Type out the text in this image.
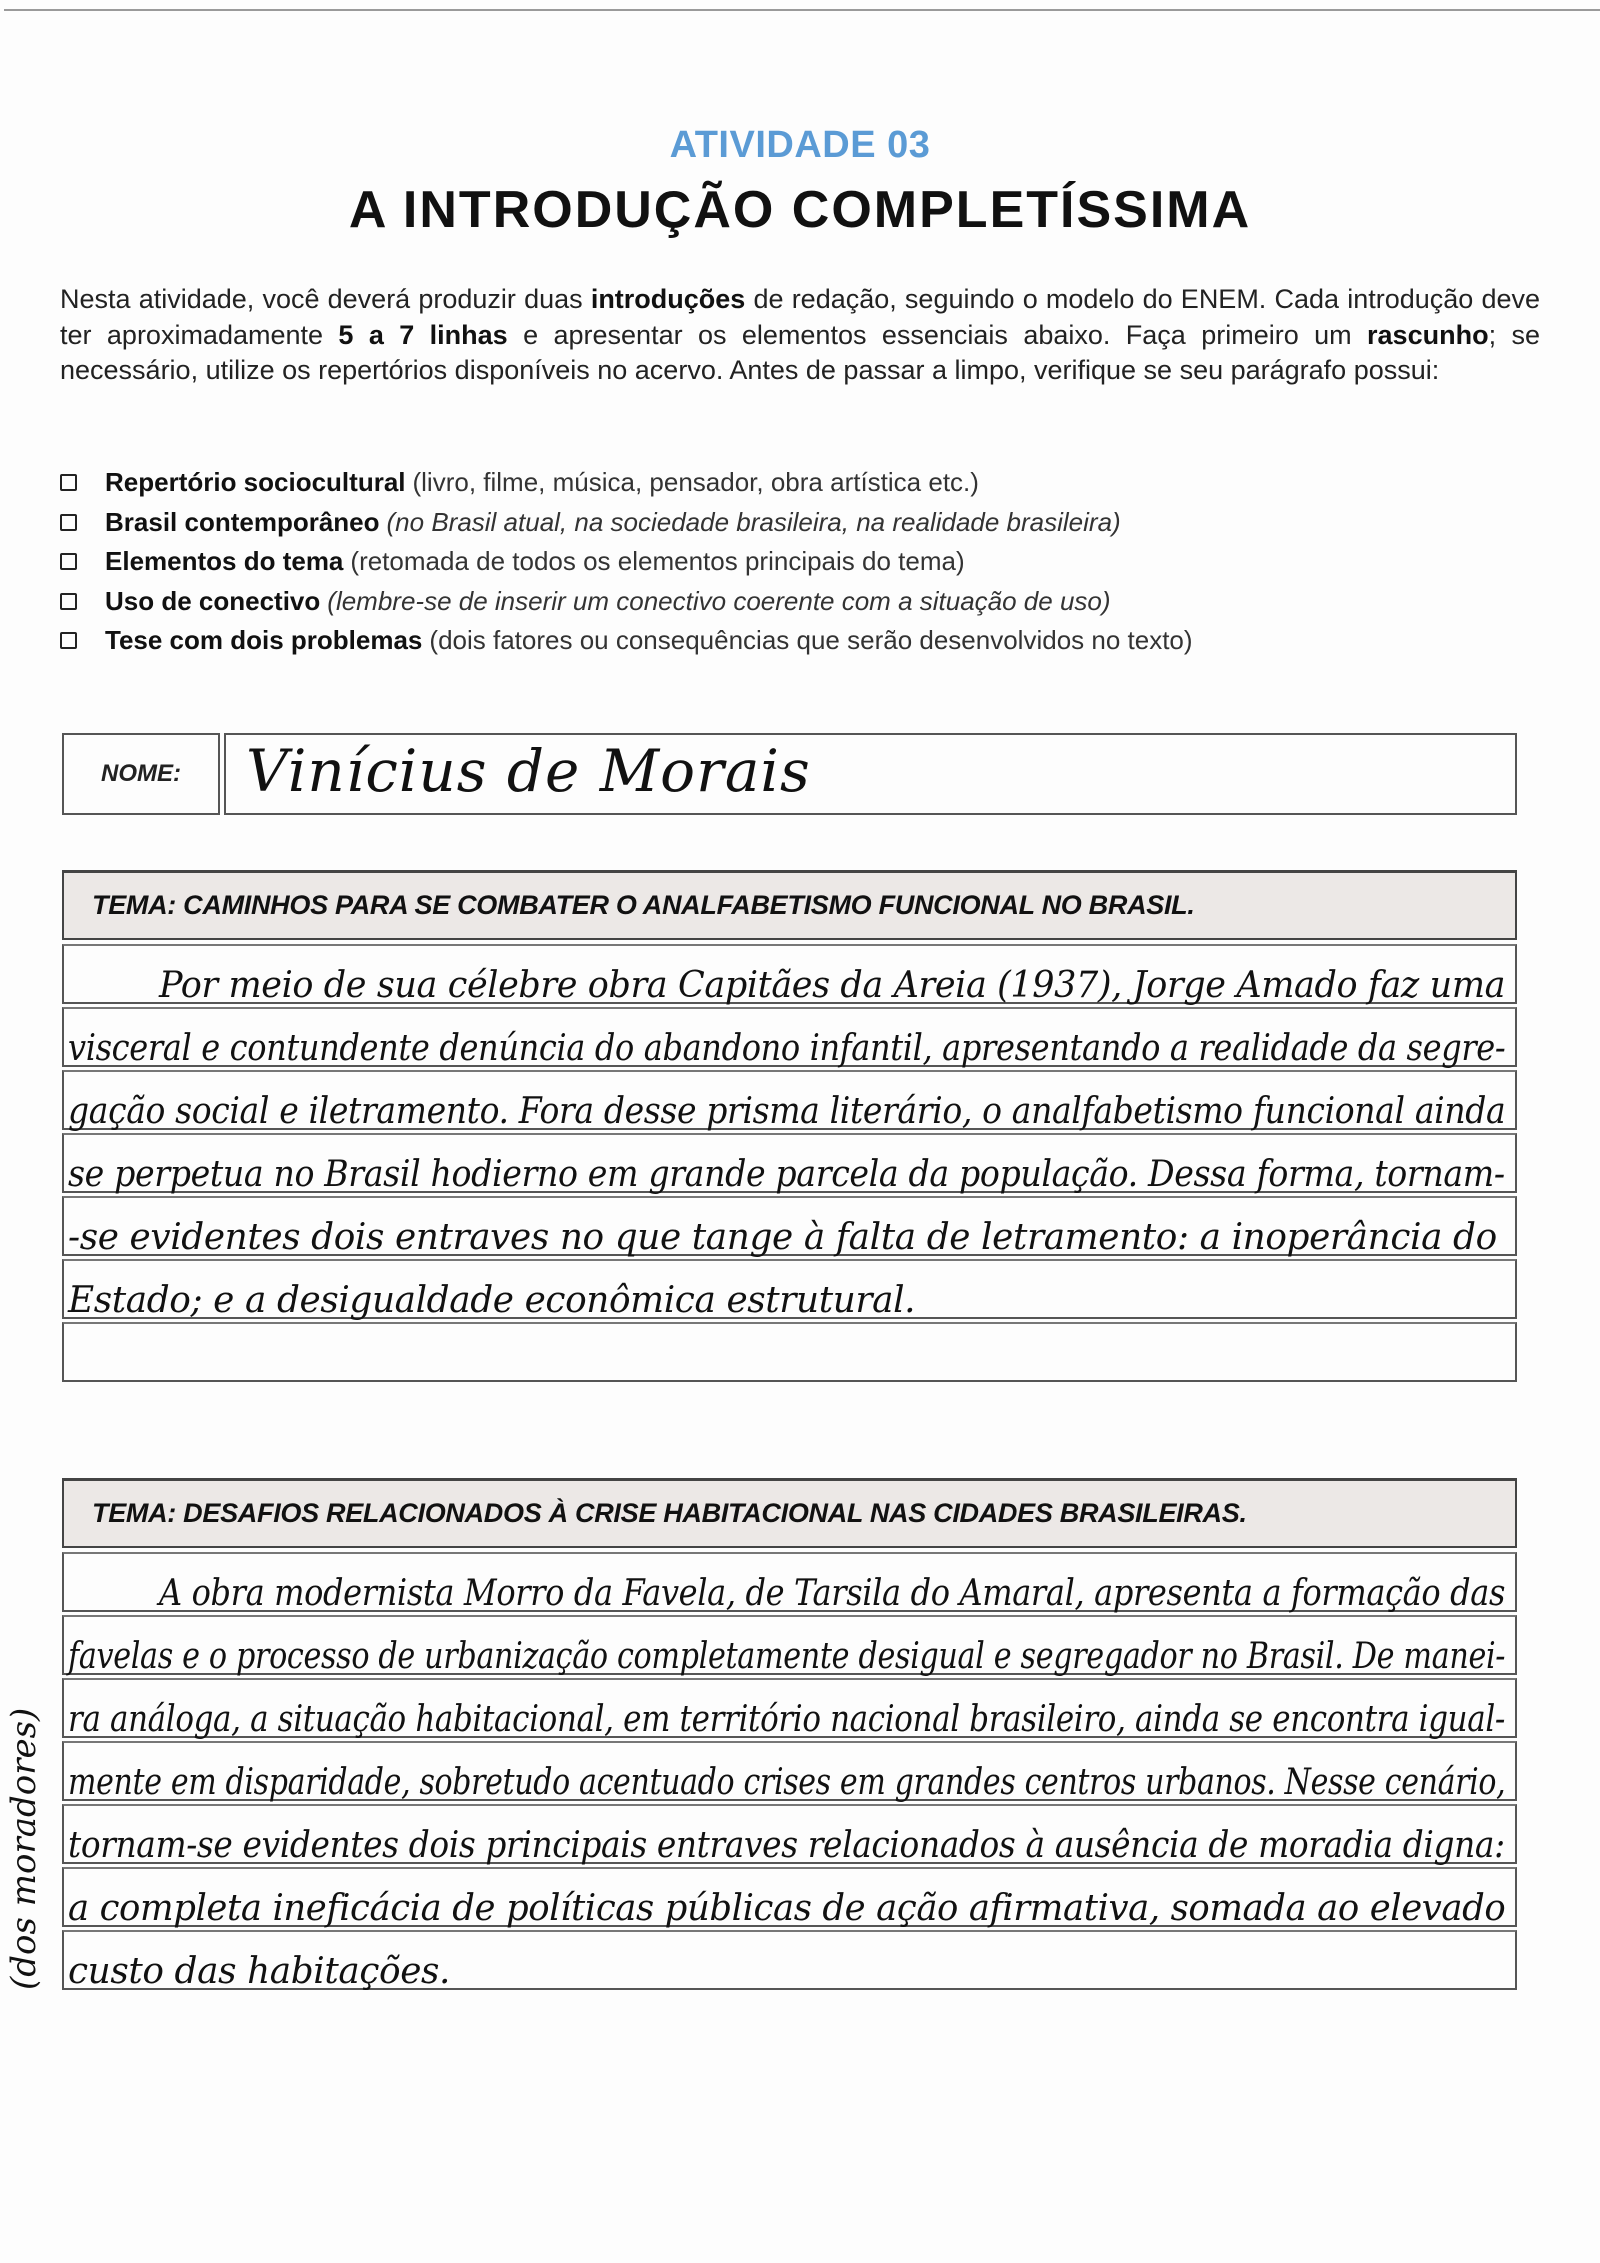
ATIVIDADE 03
A INTRODUÇÃO COMPLETÍSSIMA
Nesta atividade, você deverá produzir duas introduções de redação, seguindo o modelo do ENEM. Cada introdução deve ter aproximadamente 5 a 7 linhas e apresentar os elementos essenciais abaixo. Faça primeiro um rascunho; se necessário, utilize os repertórios disponíveis no acervo. Antes de passar a limpo, verifique se seu parágrafo possui:
Repertório sociocultural (livro, filme, música, pensador, obra artística etc.)
Brasil contemporâneo (no Brasil atual, na sociedade brasileira, na realidade brasileira)
Elementos do tema (retomada de todos os elementos principais do tema)
Uso de conectivo (lembre-se de inserir um conectivo coerente com a situação de uso)
Tese com dois problemas (dois fatores ou consequências que serão desenvolvidos no texto)
NOME:	Vinícius de Morais
TEMA: CAMINHOS PARA SE COMBATER O ANALFABETISMO FUNCIONAL NO BRASIL.
Por meio de sua célebre obra Capitães da Areia (1937), Jorge Amado faz uma
visceral e contundente denúncia do abandono infantil, apresentando a realidade da segre-
gação social e iletramento. Fora desse prisma literário, o analfabetismo funcional ainda
se perpetua no Brasil hodierno em grande parcela da população. Dessa forma, tornam-
-se evidentes dois entraves no que tange à falta de letramento: a inoperância do
Estado; e a desigualdade econômica estrutural.
TEMA: DESAFIOS RELACIONADOS À CRISE HABITACIONAL NAS CIDADES BRASILEIRAS.
A obra modernista Morro da Favela, de Tarsila do Amaral, apresenta a formação das
favelas e o processo de urbanização completamente desigual e segregador no Brasil. De manei-
ra análoga, a situação habitacional, em território nacional brasileiro, ainda se encontra igual-
mente em disparidade, sobretudo acentuado crises em grandes centros urbanos. Nesse cenário,
tornam-se evidentes dois principais entraves relacionados à ausência de moradia digna:
a completa ineficácia de políticas públicas de ação afirmativa, somada ao elevado
custo das habitações.
(dos moradores)
